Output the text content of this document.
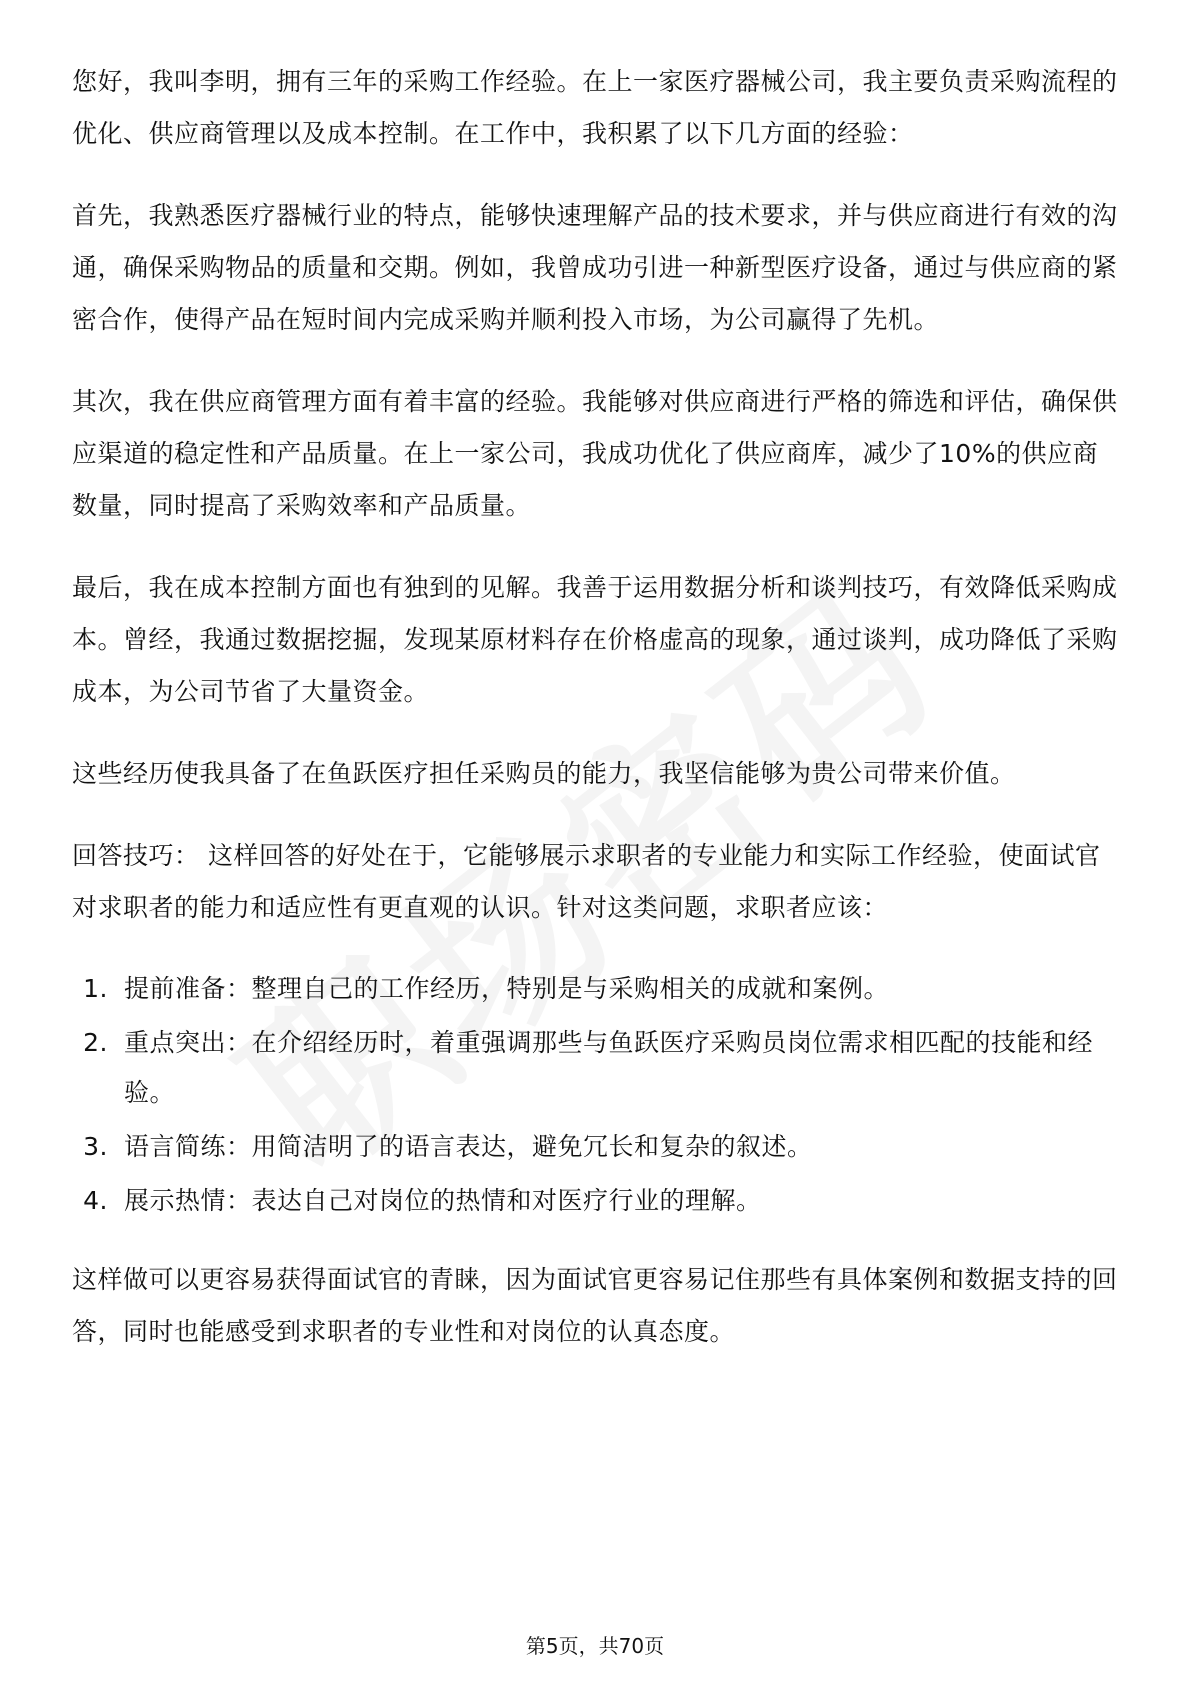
您好，我叫李明，拥有三年的采购工作经验。在上一家医疗器械公司，我主要负责采购流程的优化、供应商管理以及成本控制。在工作中，我积累了以下几方面的经验：

首先，我熟悉医疗器械行业的特点，能够快速理解产品的技术要求，并与供应商进行有效的沟通，确保采购物品的质量和交期。例如，我曾成功引进一种新型医疗设备，通过与供应商的紧密合作，使得产品在短时间内完成采购并顺利投入市场，为公司赢得了先机。

其次，我在供应商管理方面有着丰富的经验。我能够对供应商进行严格的筛选和评估，确保供应渠道的稳定性和产品质量。在上一家公司，我成功优化了供应商库，减少了10%的供应商数量，同时提高了采购效率和产品质量。

最后，我在成本控制方面也有独到的见解。我善于运用数据分析和谈判技巧，有效降低采购成本。曾经，我通过数据挖掘，发现某原材料存在价格虚高的现象，通过谈判，成功降低了采购成本，为公司节省了大量资金。

这些经历使我具备了在鱼跃医疗担任采购员的能力，我坚信能够为贵公司带来价值。

回答技巧： 这样回答的好处在于，它能够展示求职者的专业能力和实际工作经验，使面试官对求职者的能力和适应性有更直观的认识。针对这类问题，求职者应该：

1. 提前准备：整理自己的工作经历，特别是与采购相关的成就和案例。
2. 重点突出：在介绍经历时，着重强调那些与鱼跃医疗采购员岗位需求相匹配的技能和经验。
3. 语言简练：用简洁明了的语言表达，避免冗长和复杂的叙述。
4. 展示热情：表达自己对岗位的热情和对医疗行业的理解。

这样做可以更容易获得面试官的青睐，因为面试官更容易记住那些有具体案例和数据支持的回答，同时也能感受到求职者的专业性和对岗位的认真态度。

第5页，共70页
